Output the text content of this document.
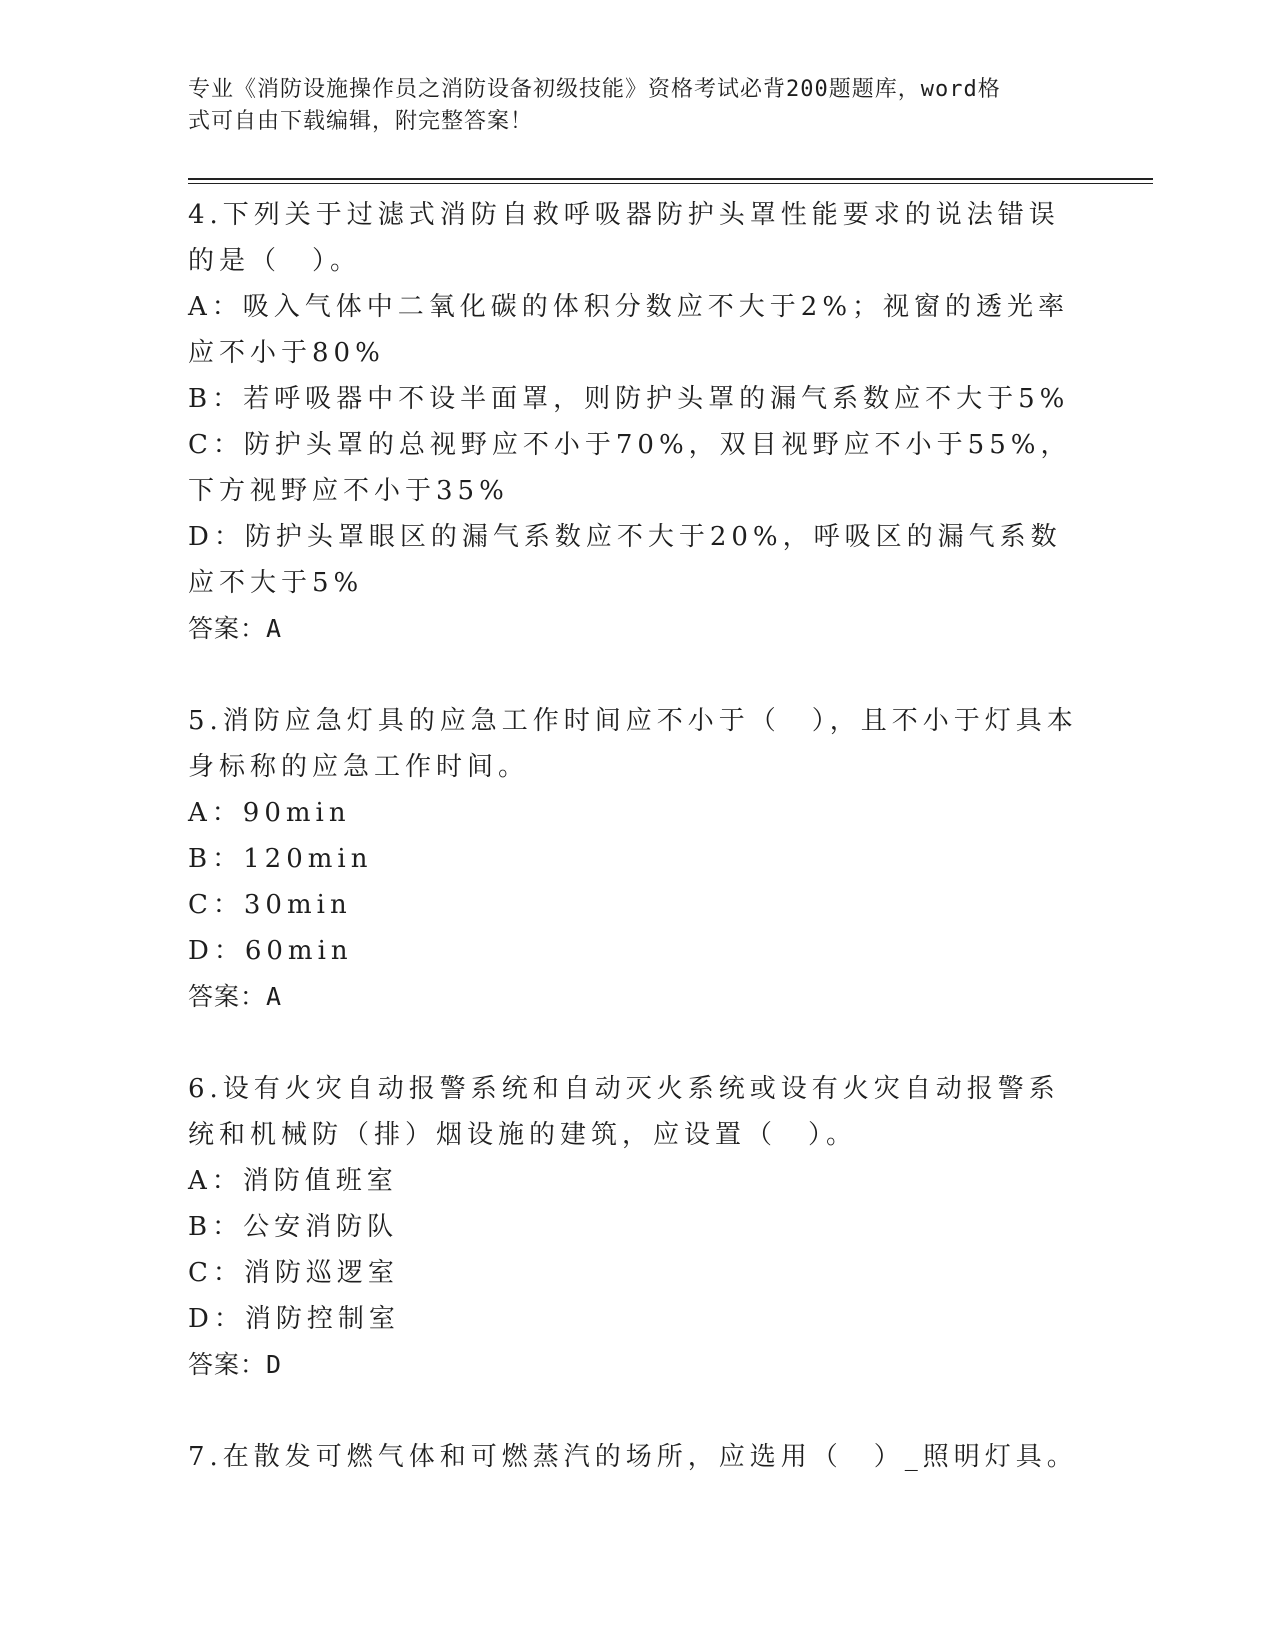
专业《消防设施操作员之消防设备初级技能》资格考试必背200题题库，word格
式可自由下载编辑，附完整答案！
4.下列关于过滤式消防自救呼吸器防护头罩性能要求的说法错误的是（　）。
A：吸入气体中二氧化碳的体积分数应不大于2%；视窗的透光率应不小于80%
B：若呼吸器中不设半面罩，则防护头罩的漏气系数应不大于5%
C：防护头罩的总视野应不小于70%，双目视野应不小于55%，下方视野应不小于35%
D：防护头罩眼区的漏气系数应不大于20%，呼吸区的漏气系数应不大于5%
答案：A
5.消防应急灯具的应急工作时间应不小于（　），且不小于灯具本身标称的应急工作时间。
A：90min
B：120min
C：30min
D：60min
答案：A
6.设有火灾自动报警系统和自动灭火系统或设有火灾自动报警系统和机械防（排）烟设施的建筑，应设置（　）。
A：消防值班室
B：公安消防队
C：消防巡逻室
D：消防控制室
答案：D
7.在散发可燃气体和可燃蒸汽的场所，应选用（　）_照明灯具。
